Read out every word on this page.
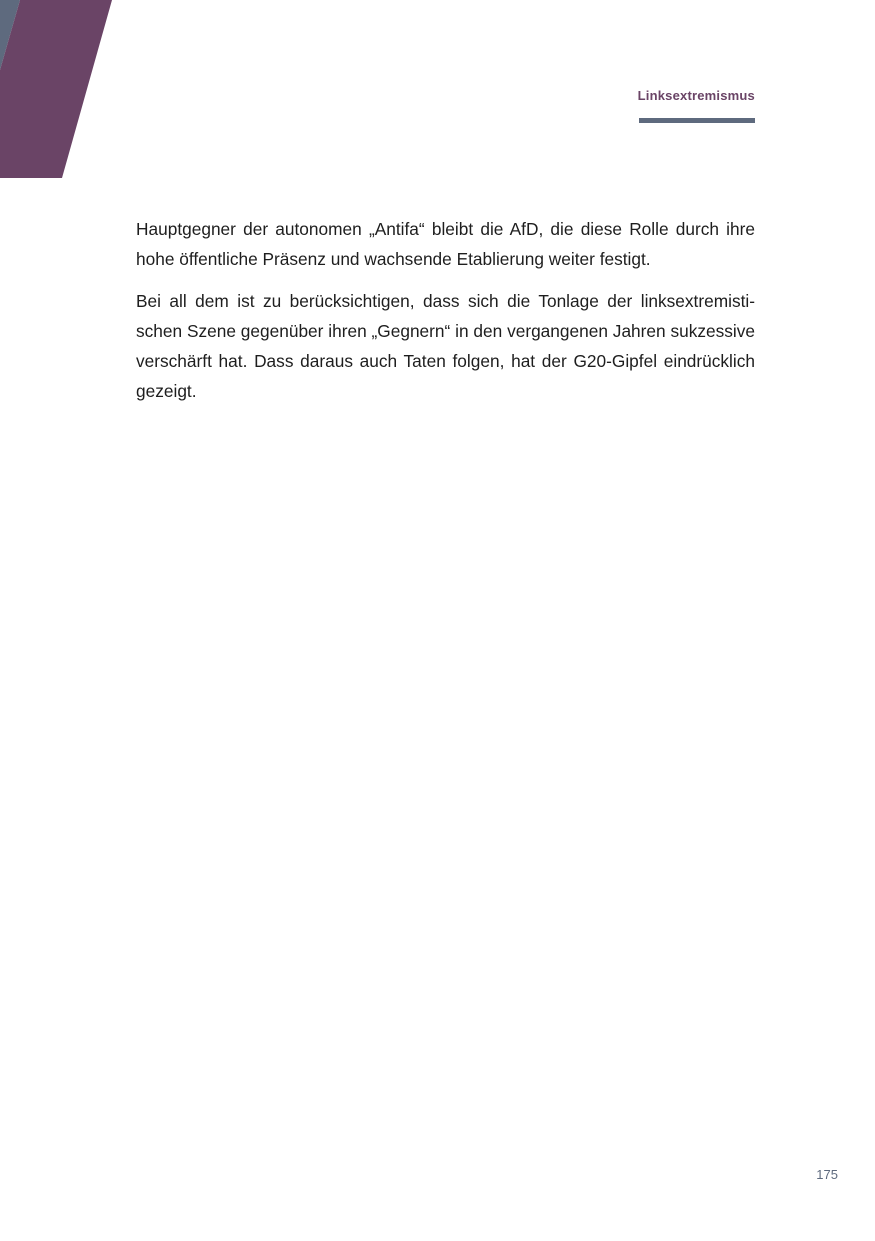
Linksextremismus

Hauptgegner der autonomen „Antifa“ bleibt die AfD, die diese Rolle durch ihre hohe öffentliche Präsenz und wachsende Etablierung weiter festigt.

Bei all dem ist zu berücksichtigen, dass sich die Tonlage der linksextremistischen Szene gegenüber ihren „Gegnern“ in den vergangenen Jahren sukzessive verschärft hat. Dass daraus auch Taten folgen, hat der G20-Gipfel eindrücklich gezeigt.

175
